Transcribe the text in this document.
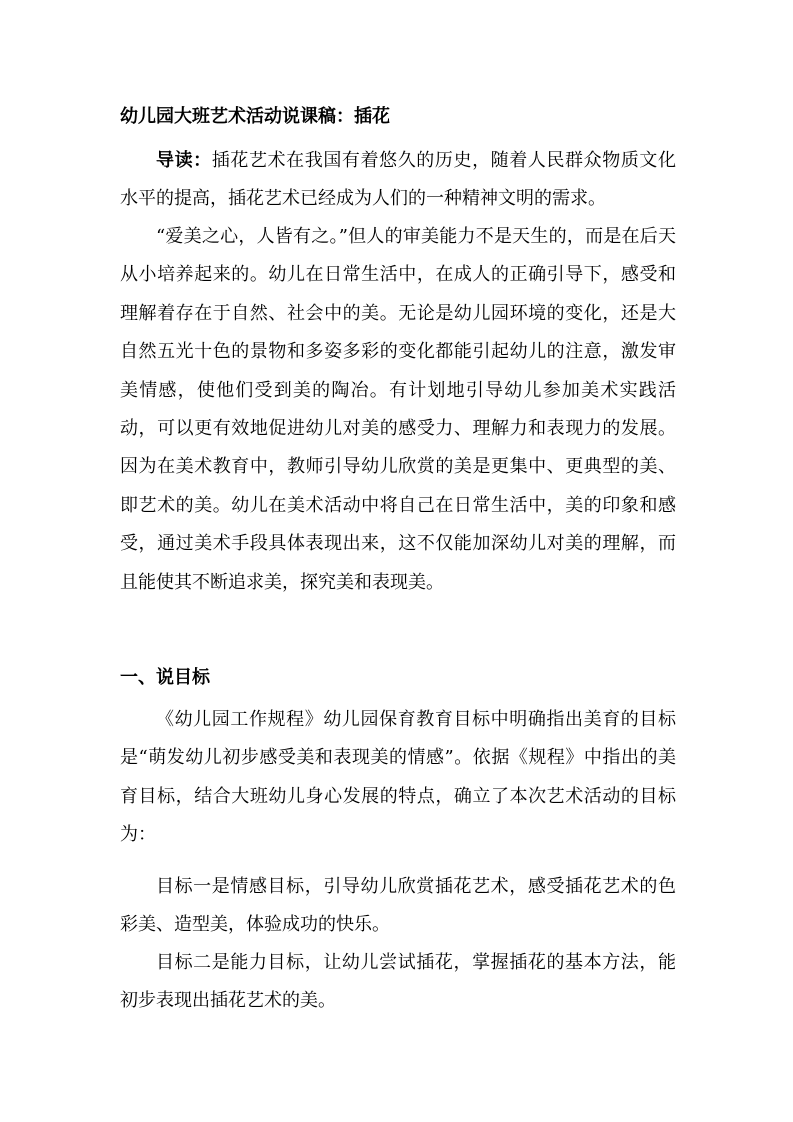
幼儿园大班艺术活动说课稿：插花

导读：插花艺术在我国有着悠久的历史，随着人民群众物质文化水平的提高，插花艺术已经成为人们的一种精神文明的需求。

“爱美之心，人皆有之。”但人的审美能力不是天生的，而是在后天从小培养起来的。幼儿在日常生活中，在成人的正确引导下，感受和理解着存在于自然、社会中的美。无论是幼儿园环境的变化，还是大自然五光十色的景物和多姿多彩的变化都能引起幼儿的注意，激发审美情感，使他们受到美的陶冶。有计划地引导幼儿参加美术实践活动，可以更有效地促进幼儿对美的感受力、理解力和表现力的发展。因为在美术教育中，教师引导幼儿欣赏的美是更集中、更典型的美、即艺术的美。幼儿在美术活动中将自己在日常生活中，美的印象和感受，通过美术手段具体表现出来，这不仅能加深幼儿对美的理解，而且能使其不断追求美，探究美和表现美。

一、说目标

《幼儿园工作规程》幼儿园保育教育目标中明确指出美育的目标是“萌发幼儿初步感受美和表现美的情感”。依据《规程》中指出的美育目标，结合大班幼儿身心发展的特点，确立了本次艺术活动的目标为：

目标一是情感目标，引导幼儿欣赏插花艺术，感受插花艺术的色彩美、造型美，体验成功的快乐。

目标二是能力目标，让幼儿尝试插花，掌握插花的基本方法，能初步表现出插花艺术的美。
